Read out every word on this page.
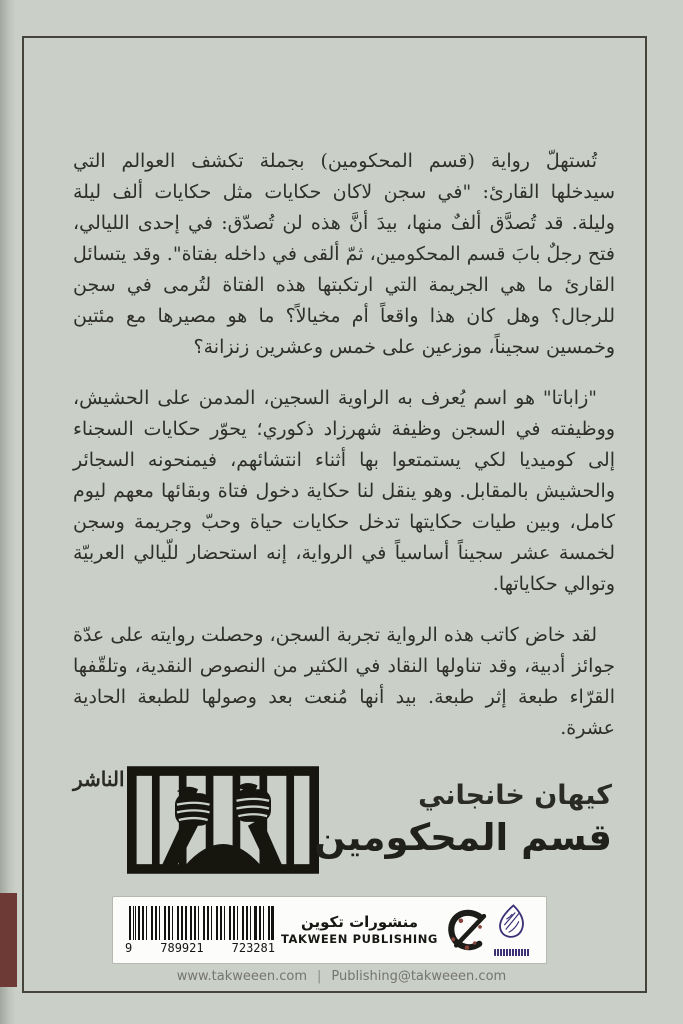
تُستهلّ رواية (قسم المحكومين) بجملة تكشف العوالم التي سيدخلها القارئ: "في سجن لاكان حكايات مثل حكايات ألف ليلة وليلة. قد تُصدَّق ألفٌ منها، بيدَ أنَّ هذه لن تُصدّق: في إحدى الليالي، فتح رجلٌ بابَ قسم المحكومين، ثمّ ألقى في داخله بفتاة". وقد يتسائل القارئ ما هي الجريمة التي ارتكبتها هذه الفتاة لتُرمى في سجن للرجال؟ وهل كان هذا واقعاً أم مخيالاً؟ ما هو مصيرها مع مئتين وخمسين سجيناً، موزعين على خمس وعشرين زنزانة؟

"زاباتا" هو اسم يُعرف به الراوية السجين، المدمن على الحشيش، ووظيفته في السجن وظيفة شهرزاد ذكوري؛ يحوّر حكايات السجناء إلى كوميديا لكي يستمتعوا بها أثناء انتشائهم، فيمنحونه السجائر والحشيش بالمقابل. وهو ينقل لنا حكاية دخول فتاة وبقائها معهم ليوم كامل، وبين طيات حكايتها تدخل حكايات حياة وحبّ وجريمة وسجن لخمسة عشر سجيناً أساسياً في الرواية، إنه استحضار للّيالي العربيّة وتوالي حكاياتها.

لقد خاض كاتب هذه الرواية تجربة السجن، وحصلت روايته على عدّة جوائز أدبية، وقد تناولها النقاد في الكثير من النصوص النقدية، وتلقّفها القرّاء طبعة إثر طبعة. بيد أنها مُنعت بعد وصولها للطبعة الحادية عشرة.

الناشر

كيهان خانجاني
قسم المحكومين
9 789921 723281
منشورات تكوين
TAKWEEN PUBLISHING
www.takweeen.com | Publishing@takweeen.com
